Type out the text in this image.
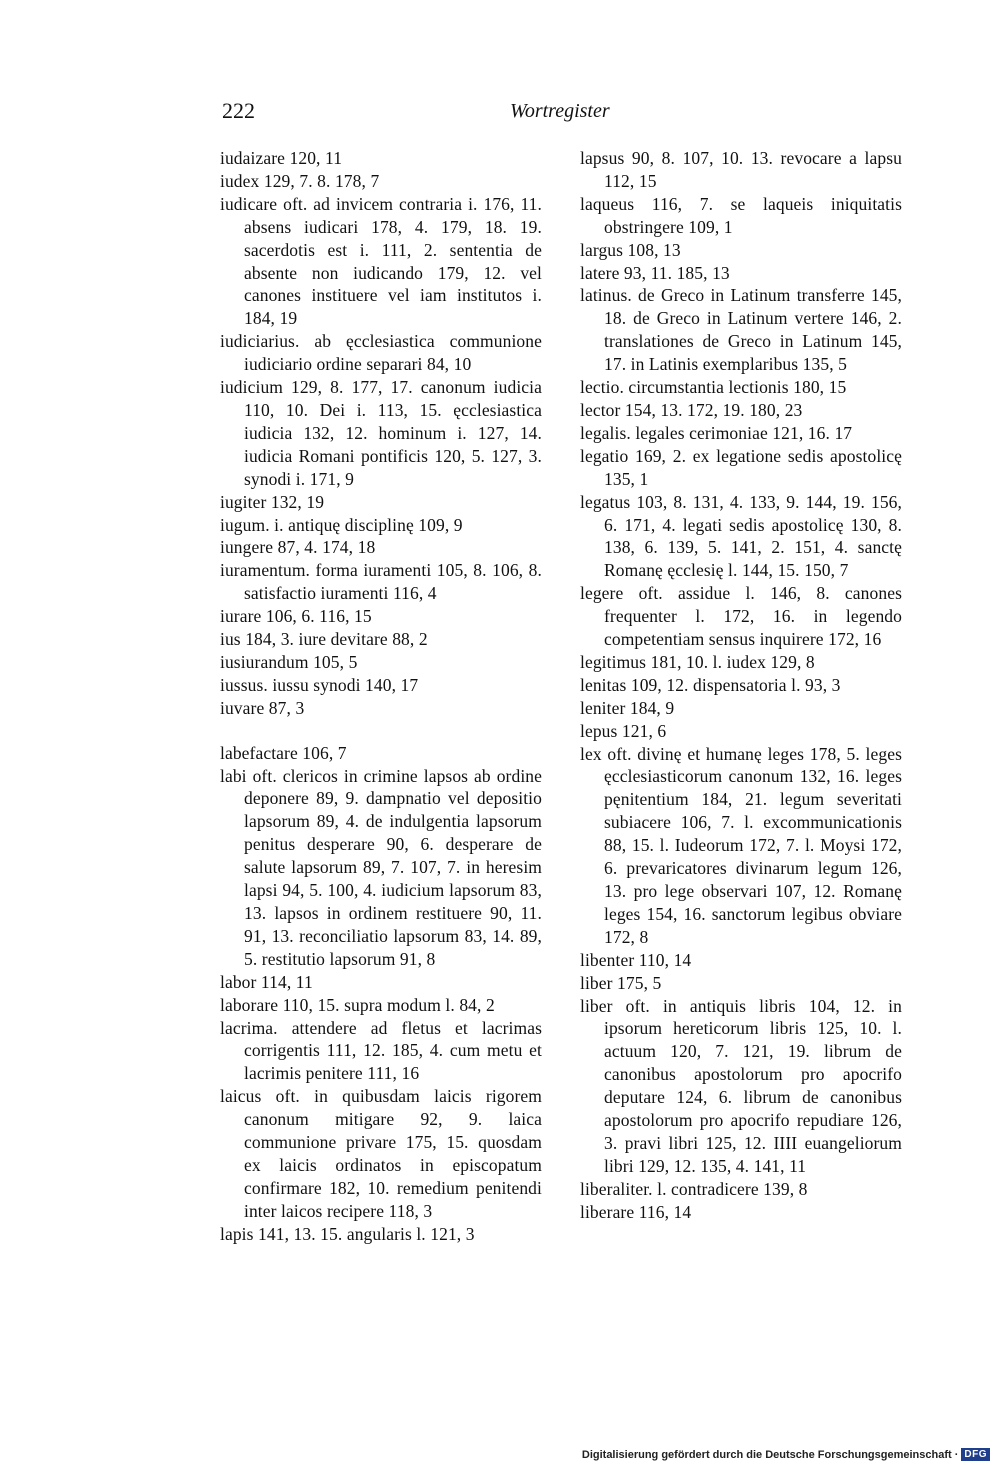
222	Wortregister
iudaizare 120, 11
iudex 129, 7. 8. 178, 7
iudicare oft. ad invicem contraria i. 176, 11. absens iudicari 178, 4. 179, 18. 19. sacerdotis est i. 111, 2. sententia de absente non iudicando 179, 12. vel canones instituere vel iam institutos i. 184, 19
iudiciarius. ab ęcclesiastica communione iudiciario ordine separari 84, 10
iudicium 129, 8. 177, 17. canonum iudicia 110, 10. Dei i. 113, 15. ęcclesiastica iudicia 132, 12. hominum i. 127, 14. iudicia Romani pontificis 120, 5. 127, 3. synodi i. 171, 9
iugiter 132, 19
iugum. i. antiquę disciplinę 109, 9
iungere 87, 4. 174, 18
iuramentum. forma iuramenti 105, 8. 106, 8. satisfactio iuramenti 116, 4
iurare 106, 6. 116, 15
ius 184, 3. iure devitare 88, 2
iusiurandum 105, 5
iussus. iussu synodi 140, 17
iuvare 87, 3
labefactare 106, 7
labi oft. clericos in crimine lapsos ab ordine deponere 89, 9. dampnatio vel depositio lapsorum 89, 4. de indulgentia lapsorum penitus desperare 90, 6. desperare de salute lapsorum 89, 7. 107, 7. in heresim lapsi 94, 5. 100, 4. iudicium lapsorum 83, 13. lapsos in ordinem restituere 90, 11. 91, 13. reconciliatio lapsorum 83, 14. 89, 5. restitutio lapsorum 91, 8
labor 114, 11
laborare 110, 15. supra modum l. 84, 2
lacrima. attendere ad fletus et lacrimas corrigentis 111, 12. 185, 4. cum metu et lacrimis penitere 111, 16
laicus oft. in quibusdam laicis rigorem canonum mitigare 92, 9. laica communione privare 175, 15. quosdam ex laicis ordinatos in episcopatum confirmare 182, 10. remedium penitendi inter laicos recipere 118, 3
lapis 141, 13. 15. angularis l. 121, 3
lapsus 90, 8. 107, 10. 13. revocare a lapsu 112, 15
laqueus 116, 7. se laqueis iniquitatis obstringere 109, 1
largus 108, 13
latere 93, 11. 185, 13
latinus. de Greco in Latinum transferre 145, 18. de Greco in Latinum vertere 146, 2. translationes de Greco in Latinum 145, 17. in Latinis exemplaribus 135, 5
lectio. circumstantia lectionis 180, 15
lector 154, 13. 172, 19. 180, 23
legalis. legales cerimoniae 121, 16. 17
legatio 169, 2. ex legatione sedis apostolicę 135, 1
legatus 103, 8. 131, 4. 133, 9. 144, 19. 156, 6. 171, 4. legati sedis apostolicę 130, 8. 138, 6. 139, 5. 141, 2. 151, 4. sanctę Romanę ęcclesię l. 144, 15. 150, 7
legere oft. assidue l. 146, 8. canones frequenter l. 172, 16. in legendo competentiam sensus inquirere 172, 16
legitimus 181, 10. l. iudex 129, 8
lenitas 109, 12. dispensatoria l. 93, 3
leniter 184, 9
lepus 121, 6
lex oft. divinę et humanę leges 178, 5. leges ęcclesiasticorum canonum 132, 16. leges pęnitentium 184, 21. legum severitati subiacere 106, 7. l. excommunicationis 88, 15. l. Iudeorum 172, 7. l. Moysi 172, 6. prevaricatores divinarum legum 126, 13. pro lege observari 107, 12. Romanę leges 154, 16. sanctorum legibus obviare 172, 8
libenter 110, 14
liber 175, 5
liber oft. in antiquis libris 104, 12. in ipsorum hereticorum libris 125, 10. l. actuum 120, 7. 121, 19. librum de canonibus apostolorum pro apocrifo deputare 124, 6. librum de canonibus apostolorum pro apocrifo repudiare 126, 3. pravi libri 125, 12. IIII euangeliorum libri 129, 12. 135, 4. 141, 11
liberaliter. l. contradicere 139, 8
liberare 116, 14
Digitalisierung gefördert durch die Deutsche Forschungsgemeinschaft · DFG
